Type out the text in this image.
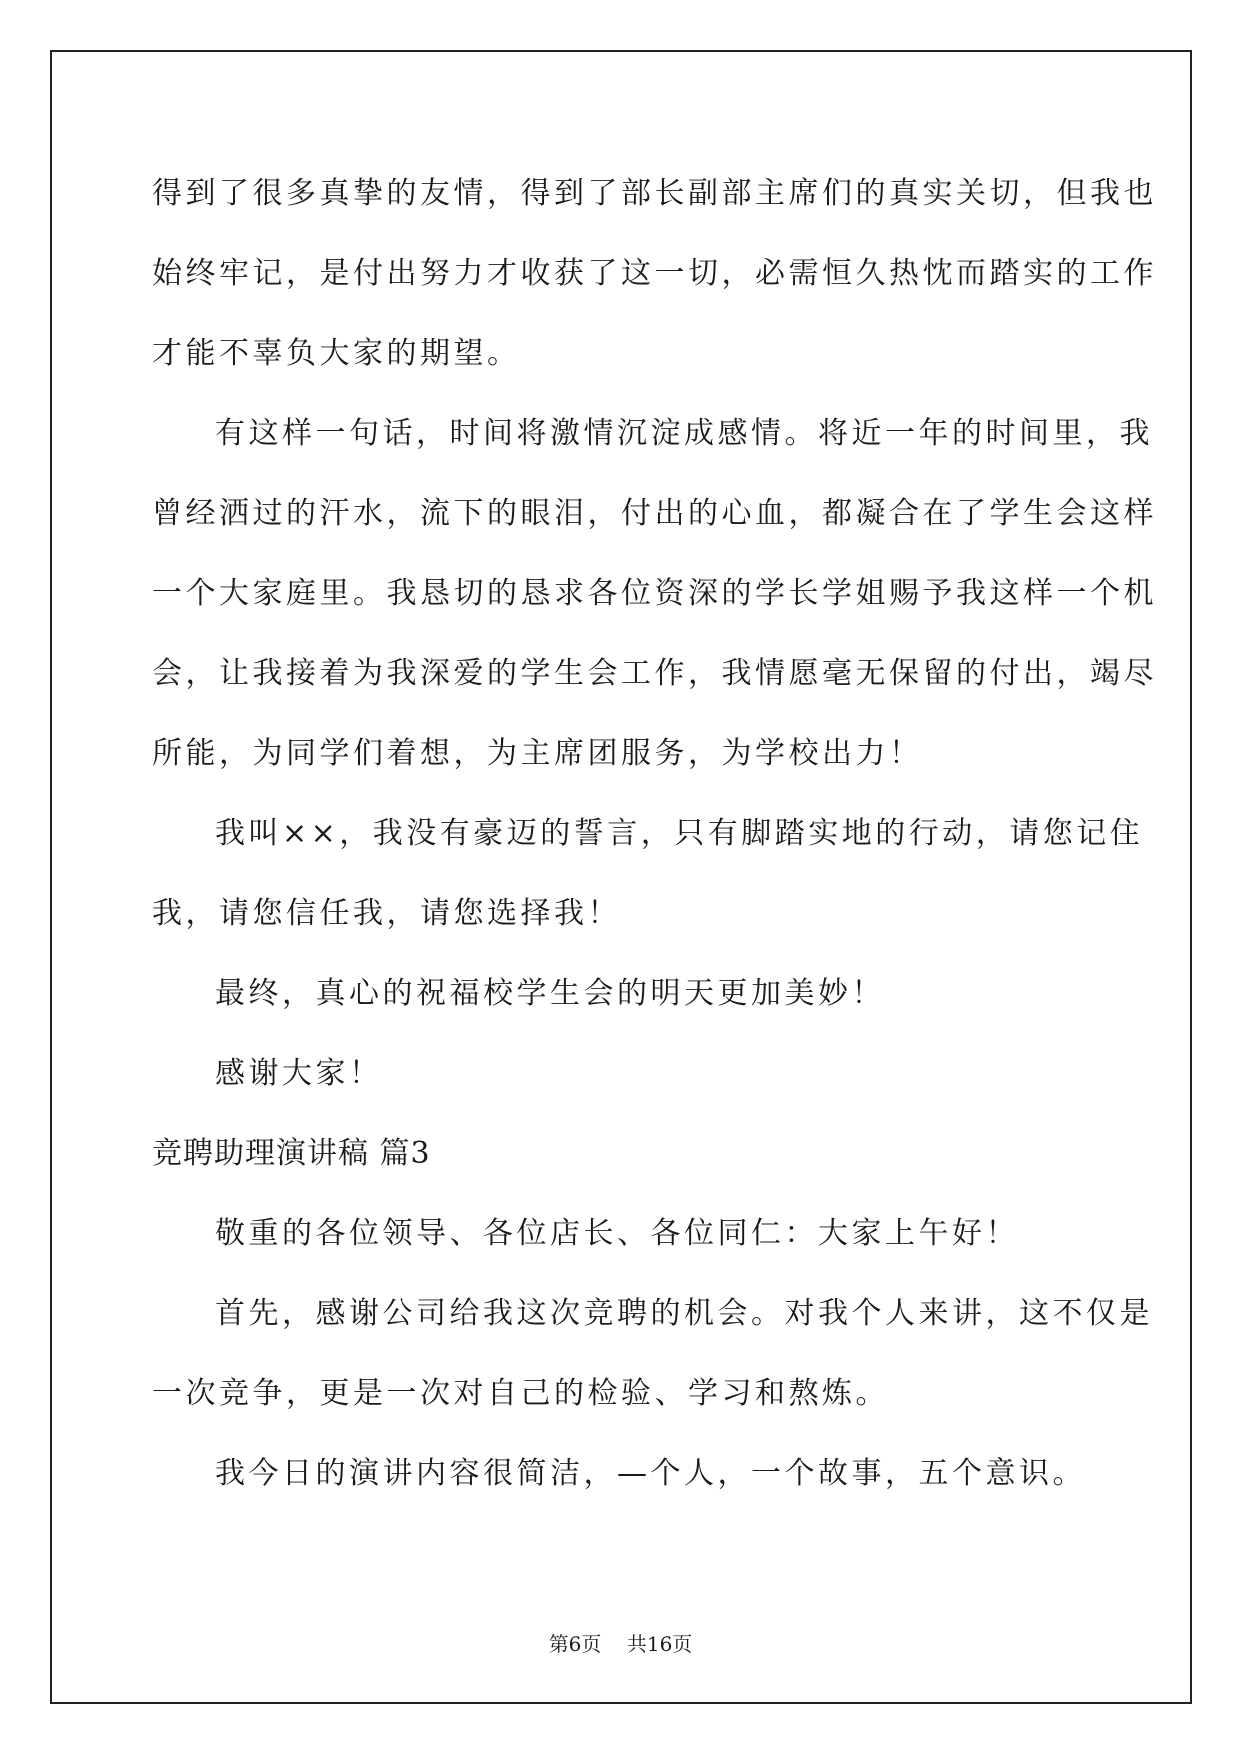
得到了很多真挚的友情，得到了部长副部主席们的真实关切，但我也
始终牢记，是付出努力才收获了这一切，必需恒久热忱而踏实的工作
才能不辜负大家的期望。
有这样一句话，时间将激情沉淀成感情。将近一年的时间里，我
曾经洒过的汗水，流下的眼泪，付出的心血，都凝合在了学生会这样
一个大家庭里。我恳切的恳求各位资深的学长学姐赐予我这样一个机
会，让我接着为我深爱的学生会工作，我情愿毫无保留的付出，竭尽
所能，为同学们着想，为主席团服务，为学校出力！
我叫××，我没有豪迈的誓言，只有脚踏实地的行动，请您记住
我，请您信任我，请您选择我！
最终，真心的祝福校学生会的明天更加美妙！
感谢大家！
竞聘助理演讲稿 篇3
敬重的各位领导、各位店长、各位同仁：大家上午好！
首先，感谢公司给我这次竞聘的机会。对我个人来讲，这不仅是
一次竞争，更是一次对自己的检验、学习和熬炼。
我今日的演讲内容很简洁，—个人，一个故事，五个意识。
第6页    共16页
